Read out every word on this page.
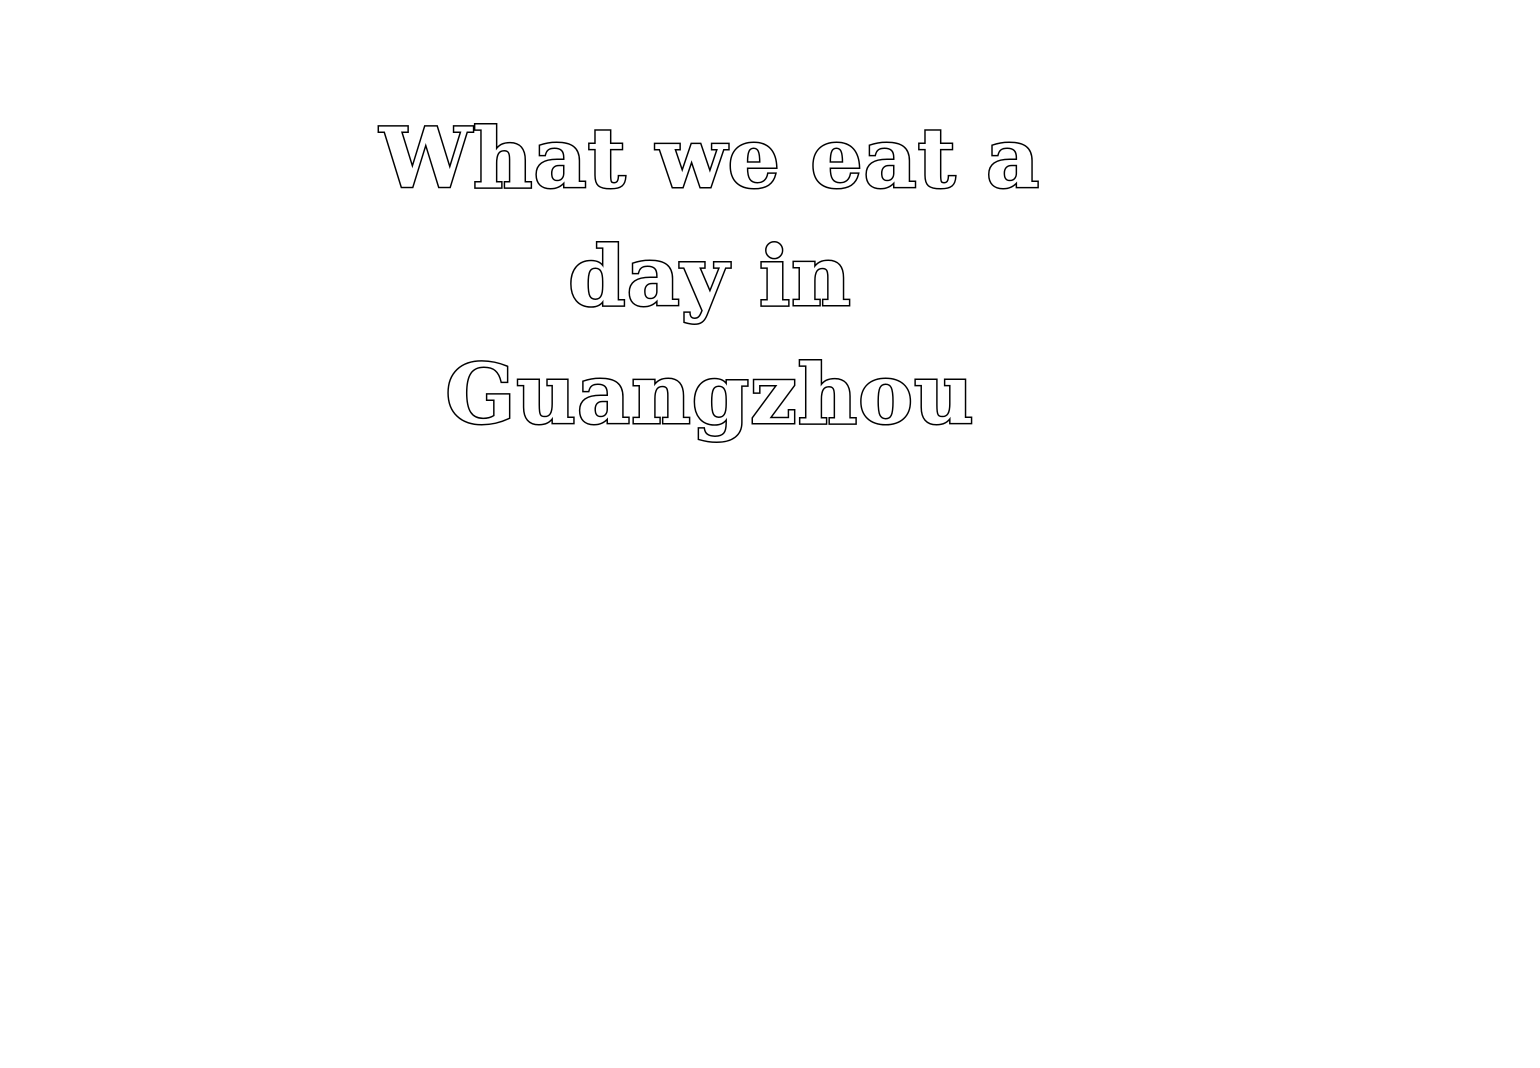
What we eat a
day in
Guangzhou
